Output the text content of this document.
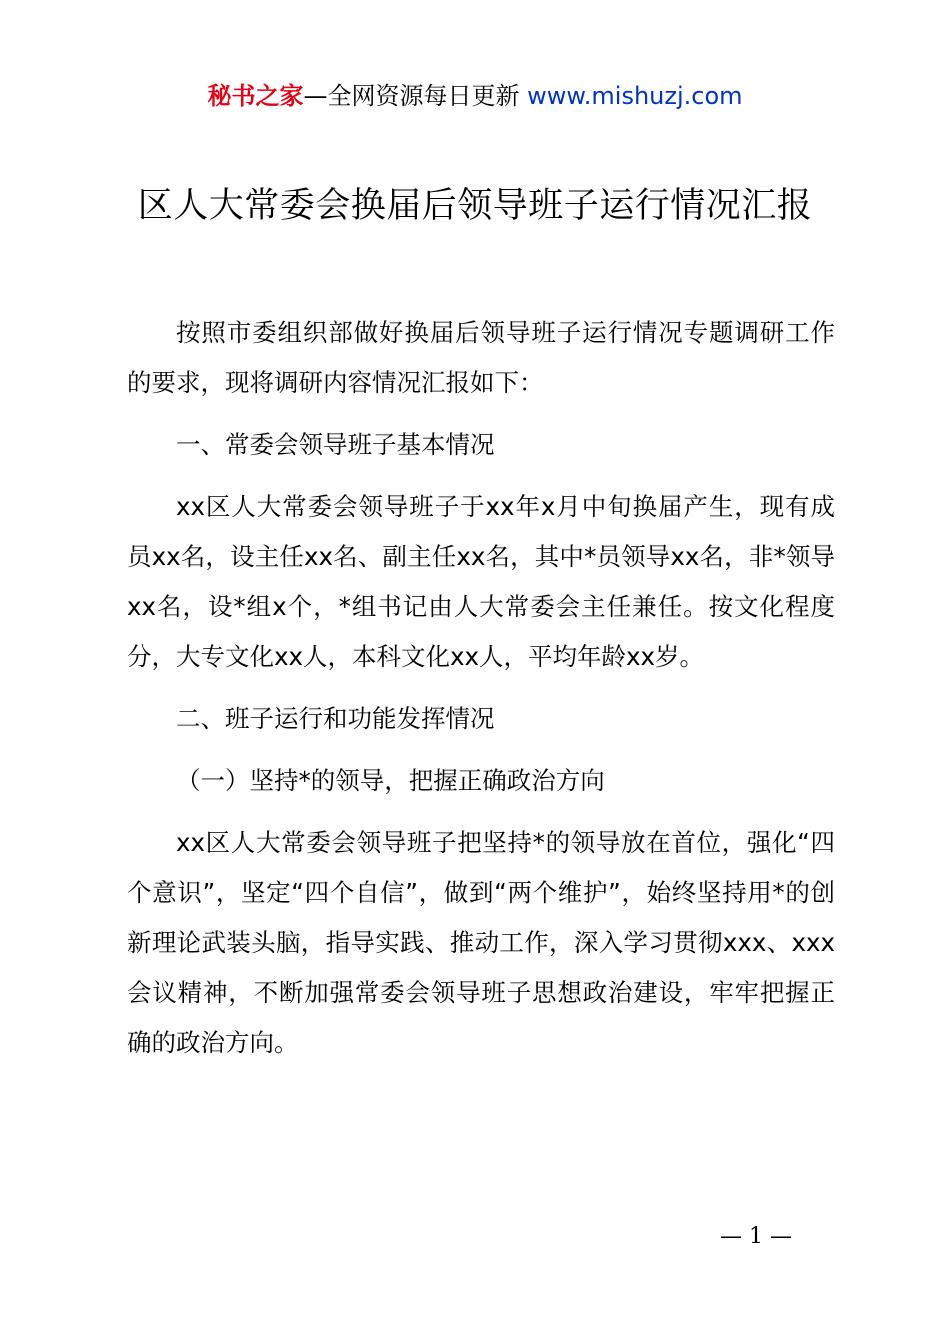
秘书之家—全网资源每日更新 www.mishuzj.com
区人大常委会换届后领导班子运行情况汇报

按照市委组织部做好换届后领导班子运行情况专题调研工作的要求，现将调研内容情况汇报如下：

一、常委会领导班子基本情况

xx区人大常委会领导班子于xx年x月中旬换届产生，现有成员xx名，设主任xx名、副主任xx名，其中*员领导xx名，非*领导xx名，设*组x个，*组书记由人大常委会主任兼任。按文化程度分，大专文化xx人，本科文化xx人，平均年龄xx岁。

二、班子运行和功能发挥情况

（一）坚持*的领导，把握正确政治方向

xx区人大常委会领导班子把坚持*的领导放在首位，强化“四个意识”，坚定“四个自信”，做到“两个维护”，始终坚持用*的创新理论武装头脑，指导实践、推动工作，深入学习贯彻xxx、xxx会议精神，不断加强常委会领导班子思想政治建设，牢牢把握正确的政治方向。

— 1 —
